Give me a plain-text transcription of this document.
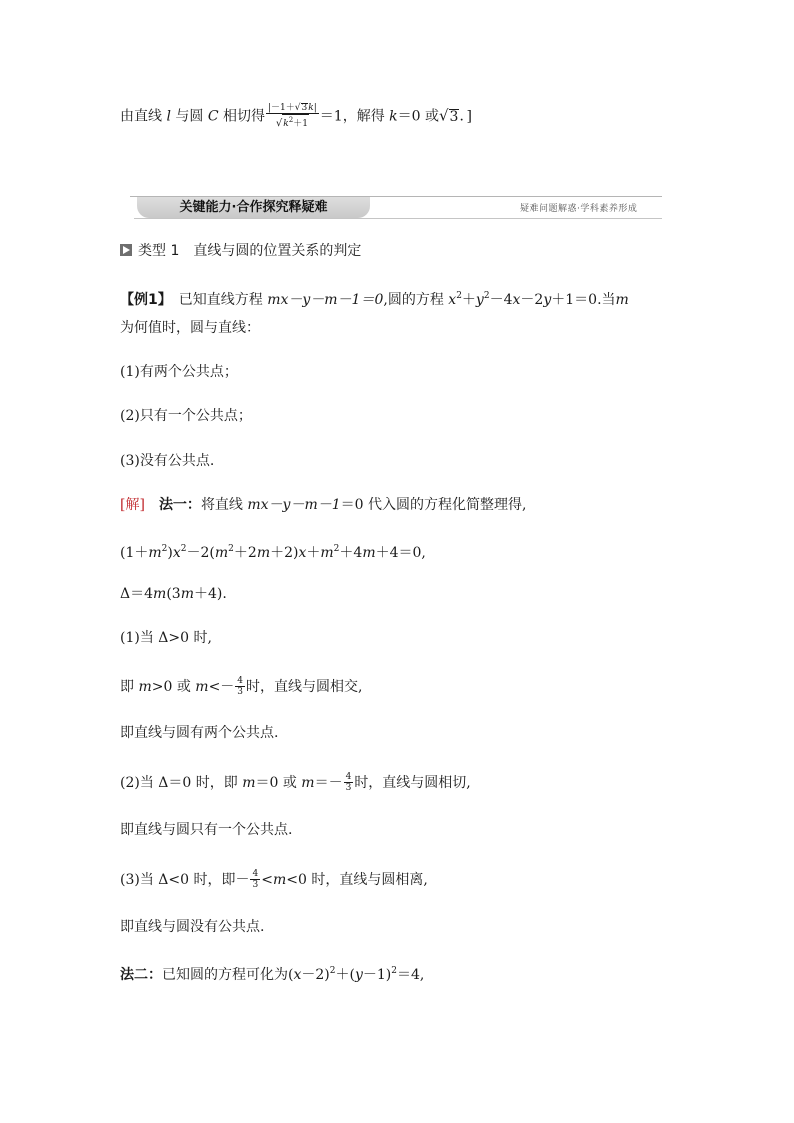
由直线 l 与圆 C 相切得 $\frac{|-1+√3k|}{√k^2+1} =1$，解得 k＝0 或√3．]
关键能力·合作探究释疑难	疑难问题解惑·学科素养形成
类型 1　直线与圆的位置关系的判定
【例1】　已知直线方程 mx－y－m－1＝0,圆的方程 $x^2+y^2-4x-2y+1=0$.当m
为何值时，圆与直线：
(1)有两个公共点；
(2)只有一个公共点；
(3)没有公共点.
[解]　 法一：将直线 mx－y－m－1＝0 代入圆的方程化简整理得,
$(1+m^2)x^2-2(m^2+2m+2)x+m^2+4m+4=0$,
Δ＝4m(3m＋4).
(1)当 Δ>0 时,
即 m>0 或 $m<- \frac{4}{3}$ 时，直线与圆相交,
即直线与圆有两个公共点.
(2)当 Δ＝0 时，即 m＝0 或 $m=- \frac{4}{3}$ 时，直线与圆相切,
即直线与圆只有一个公共点.
(3)当 Δ<0 时，即－ $\frac{4}{3} <m<0$ 时，直线与圆相离,
即直线与圆没有公共点.
法二：已知圆的方程可化为$(x-2)^2+(y-1)^2=4$,
